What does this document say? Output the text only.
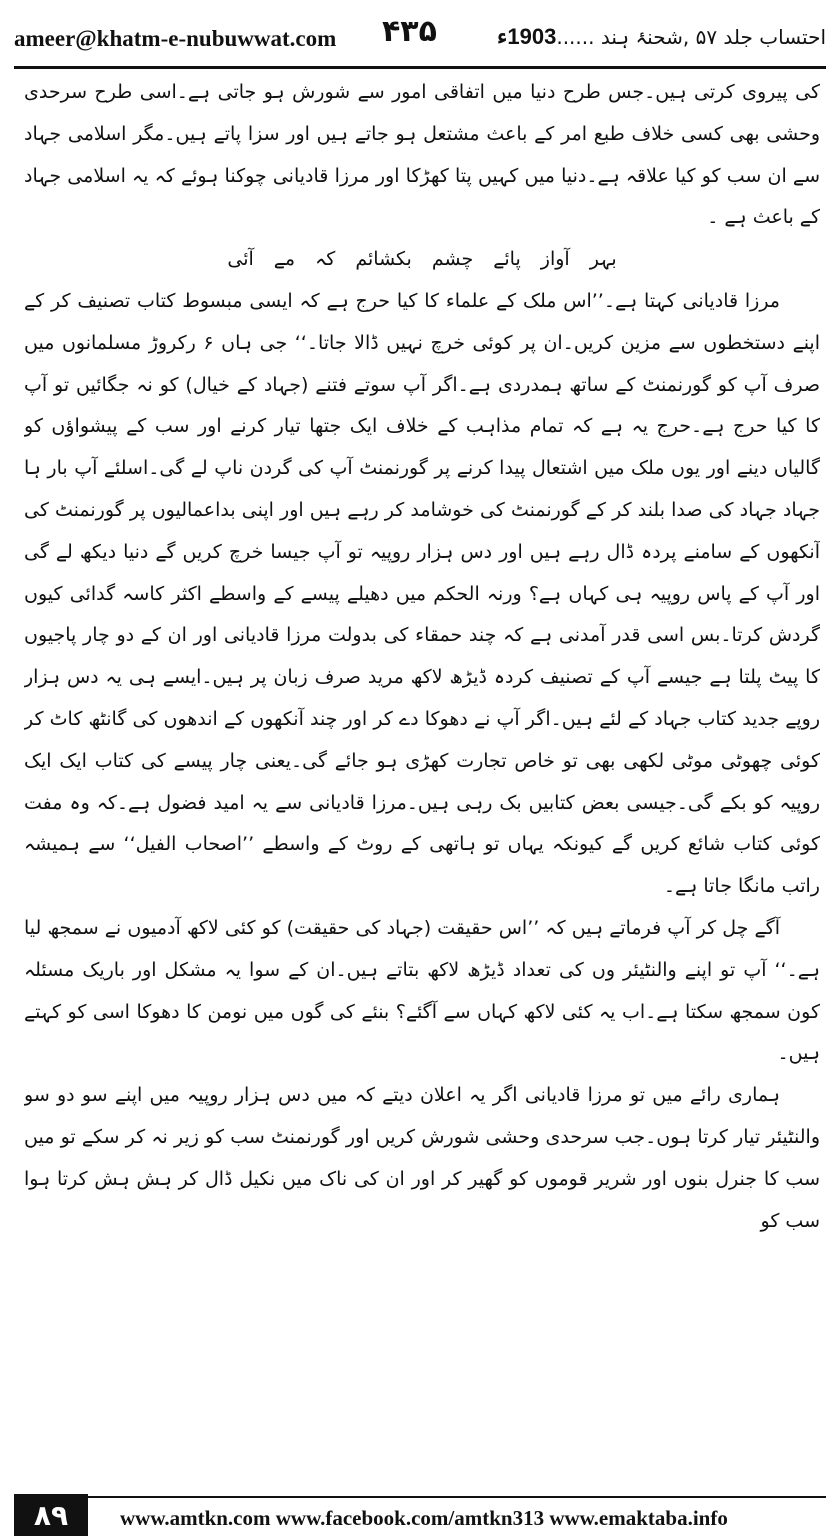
ameer@khatm-e-nubuwwat.com ۴۳۵	احتساب جلد ۵۷ ,شحنۂ ہند ......1903ء

کی پیروی کرتی ہیں۔جس طرح دنیا میں اتفاقی امور سے شورش ہو جاتی ہے۔اسی طرح سرحدی وحشی بھی کسی خلاف طبع امر کے باعث مشتعل ہو جاتے ہیں اور سزا پاتے ہیں۔مگر اسلامی جہاد سے ان سب کو کیا علاقہ ہے۔دنیا میں کہیں پتا کھڑکا اور مرزا قادیانی چوکنا ہوئے کہ یہ اسلامی جہاد کے باعث ہے ۔

بہر آواز پائے چشم بکشائم کہ مے آئی

مرزا قادیانی کہتا ہے۔’’اس ملک کے علماء کا کیا حرج ہے کہ ایسی مبسوط کتاب تصنیف کر کے اپنے دستخطوں سے مزین کریں۔ان پر کوئی خرچ نہیں ڈالا جاتا۔‘‘ جی ہاں ۶ رکروڑ مسلمانوں میں صرف آپ کو گورنمنٹ کے ساتھ ہمدردی ہے۔اگر آپ سوتے فتنے (جہاد کے خیال) کو نہ جگائیں تو آپ کا کیا حرج ہے۔حرج یہ ہے کہ تمام مذاہب کے خلاف ایک جتھا تیار کرنے اور سب کے پیشواؤں کو گالیاں دینے اور یوں ملک میں اشتعال پیدا کرنے پر گورنمنٹ آپ کی گردن ناپ لے گی۔اسلئے آپ بار ہا جہاد جہاد کی صدا بلند کر کے گورنمنٹ کی خوشامد کر رہے ہیں اور اپنی بداعمالیوں پر گورنمنٹ کی آنکھوں کے سامنے پردہ ڈال رہے ہیں اور دس ہزار روپیہ تو آپ جیسا خرچ کریں گے دنیا دیکھ لے گی اور آپ کے پاس روپیہ ہی کہاں ہے؟ ورنہ الحکم میں دھیلے پیسے کے واسطے اکثر کاسہ گدائی کیوں گردش کرتا۔بس اسی قدر آمدنی ہے کہ چند حمقاء کی بدولت مرزا قادیانی اور ان کے دو چار پاجیوں کا پیٹ پلتا ہے جیسے آپ کے تصنیف کردہ ڈیڑھ لاکھ مرید صرف زبان پر ہیں۔ایسے ہی یہ دس ہزار روپے جدید کتاب جہاد کے لئے ہیں۔اگر آپ نے دھوکا دے کر اور چند آنکھوں کے اندھوں کی گانٹھ کاٹ کر کوئی چھوٹی موٹی لکھی بھی تو خاص تجارت کھڑی ہو جائے گی۔یعنی چار پیسے کی کتاب ایک ایک روپیہ کو بکے گی۔جیسی بعض کتابیں بک رہی ہیں۔مرزا قادیانی سے یہ امید فضول ہے۔کہ وہ مفت کوئی کتاب شائع کریں گے کیونکہ یہاں تو ہاتھی کے روٹ کے واسطے ’’اصحاب الفیل‘‘ سے ہمیشہ راتب مانگا جاتا ہے۔

آگے چل کر آپ فرماتے ہیں کہ ’’اس حقیقت (جہاد کی حقیقت) کو کئی لاکھ آدمیوں نے سمجھ لیا ہے۔‘‘ آپ تو اپنے والنٹیئر وں کی تعداد ڈیڑھ لاکھ بتاتے ہیں۔ان کے سوا یہ مشکل اور باریک مسئلہ کون سمجھ سکتا ہے۔اب یہ کئی لاکھ کہاں سے آگئے؟ بنئے کی گوں میں نومن کا دھوکا اسی کو کہتے ہیں۔

ہماری رائے میں تو مرزا قادیانی اگر یہ اعلان دیتے کہ میں دس ہزار روپیہ میں اپنے سو دو سو والنٹیئر تیار کرتا ہوں۔جب سرحدی وحشی شورش کریں اور گورنمنٹ سب کو زیر نہ کر سکے تو میں سب کا جنرل بنوں اور شریر قوموں کو گھیر کر اور ان کی ناک میں نکیل ڈال کر ہش ہش کرتا ہوا سب کو

۸۹	www.amtkn.com www.facebook.com/amtkn313 www.emaktaba.info
